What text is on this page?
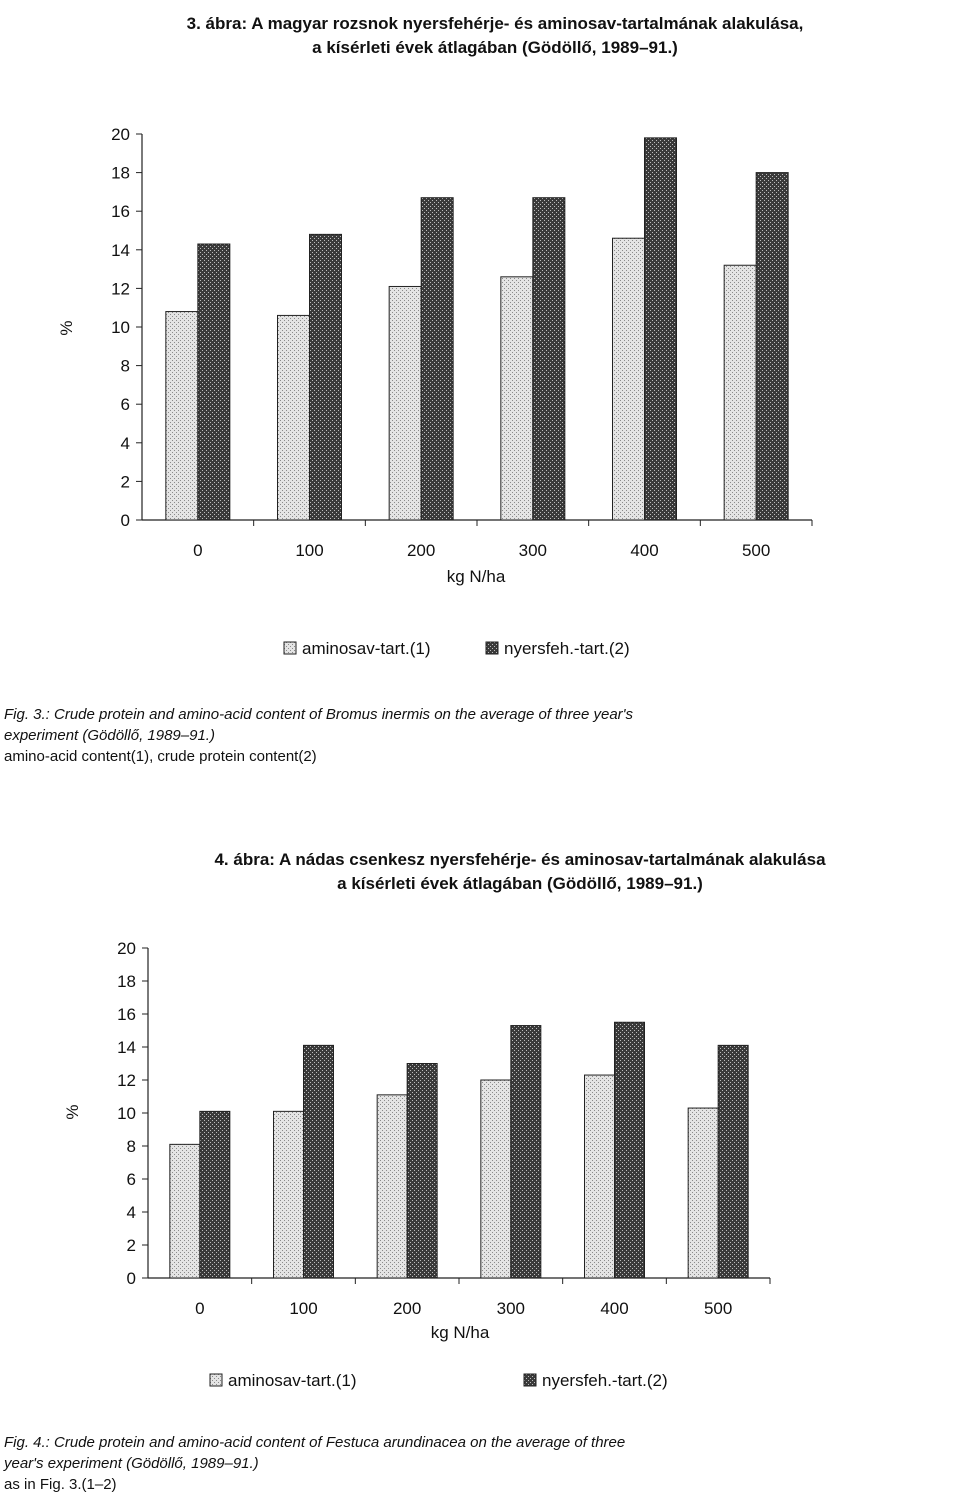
3. ábra: A magyar rozsnok nyersfehérje- és aminosav-tartalmának alakulása,
a kísérleti évek átlagában (Gödöllő, 1989–91.)
0
2
4
6
8
10
12
14
16
18
20
%
0	100	200	300	400	500
kg N/ha
aminosav-tart.(1)	nyersfeh.-tart.(2)
Fig. 3.: Crude protein and amino-acid content of Bromus inermis on the average of three year's
experiment (Gödöllő, 1989–91.)
amino-acid content(1), crude protein content(2)
4. ábra: A nádas csenkesz nyersfehérje- és aminosav-tartalmának alakulása
a kísérleti évek átlagában (Gödöllő, 1989–91.)
0
2
4
6
8
10
12
14
16
18
20
%
0	100	200	300	400	500
kg N/ha
aminosav-tart.(1)	nyersfeh.-tart.(2)
Fig. 4.: Crude protein and amino-acid content of Festuca arundinacea on the average of three
year's experiment (Gödöllő, 1989–91.)
as in Fig. 3.(1–2)
